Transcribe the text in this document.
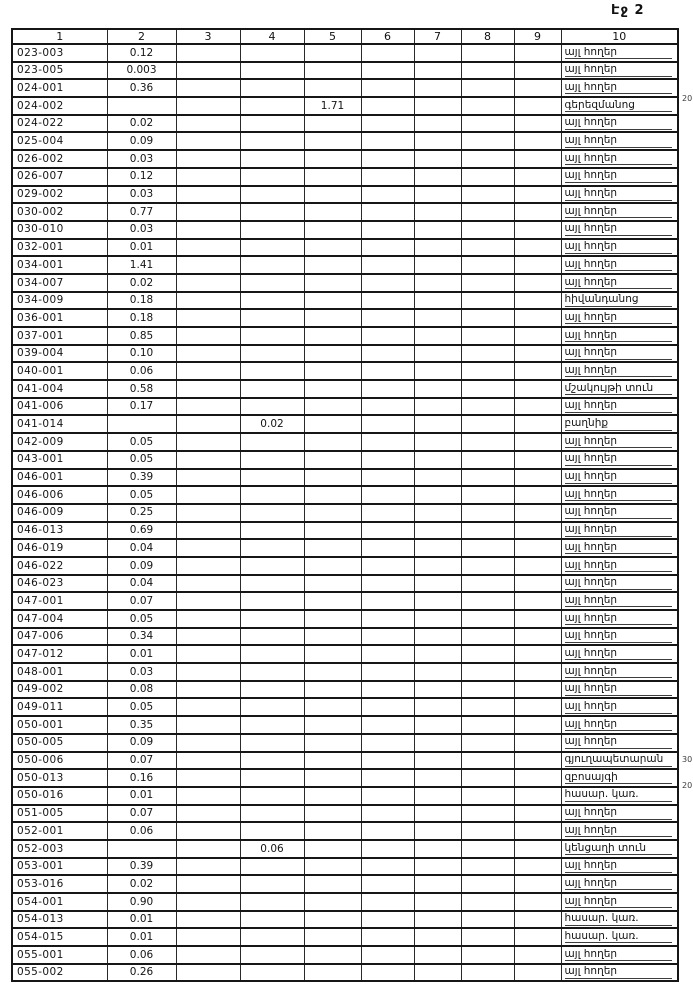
Էջ 2
1	2	3	4	5	6	7	8	9	10
023-003	0.12								այլ հողեր
023-005	0.003								այլ հողեր
024-001	0.36								այլ հողեր
024-002				1.71					գերեզմանոց
024-022	0.02								այլ հողեր
025-004	0.09								այլ հողեր
026-002	0.03								այլ հողեր
026-007	0.12								այլ հողեր
029-002	0.03								այլ հողեր
030-002	0.77								այլ հողեր
030-010	0.03								այլ հողեր
032-001	0.01								այլ հողեր
034-001	1.41								այլ հողեր
034-007	0.02								այլ հողեր
034-009	0.18								հիվանդանոց
036-001	0.18								այլ հողեր
037-001	0.85								այլ հողեր
039-004	0.10								այլ հողեր
040-001	0.06								այլ հողեր
041-004	0.58								մշակույթի տուն
041-006	0.17								այլ հողեր
041-014			0.02						բաղնիք
042-009	0.05								այլ հողեր
043-001	0.05								այլ հողեր
046-001	0.39								այլ հողեր
046-006	0.05								այլ հողեր
046-009	0.25								այլ հողեր
046-013	0.69								այլ հողեր
046-019	0.04								այլ հողեր
046-022	0.09								այլ հողեր
046-023	0.04								այլ հողեր
047-001	0.07								այլ հողեր
047-004	0.05								այլ հողեր
047-006	0.34								այլ հողեր
047-012	0.01								այլ հողեր
048-001	0.03								այլ հողեր
049-002	0.08								այլ հողեր
049-011	0.05								այլ հողեր
050-001	0.35								այլ հողեր
050-005	0.09								այլ հողեր
050-006	0.07								գյուղապետարան
050-013	0.16								զբոսայգի
050-016	0.01								հասար. կառ.
051-005	0.07								այլ հողեր
052-001	0.06								այլ հողեր
052-003			0.06						կենցաղի տուն
053-001	0.39								այլ հողեր
053-016	0.02								այլ հողեր
054-001	0.90								այլ հողեր
054-013	0.01								հասար. կառ.
054-015	0.01								հասար. կառ.
055-001	0.06								այլ հողեր
055-002	0.26								այլ հողեր
20
30
20
